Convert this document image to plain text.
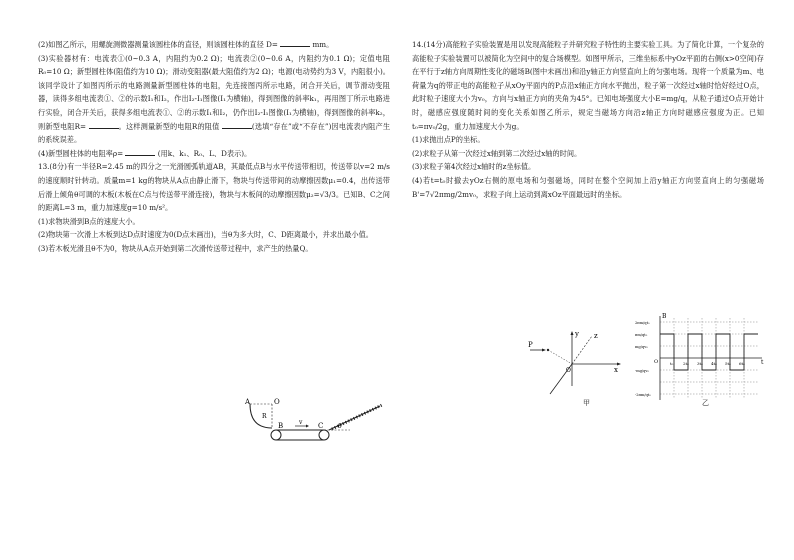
(2)如图乙所示，用螺旋测微器测量该圆柱体的直径，则该圆柱体的直径 D=	mm。

(3)实验器材有：电流表①(0~0.3 A，内阻约为0.2 Ω)；电流表②(0~0.6 A，内阻约为0.1 Ω)；定值电阻R₀=10 Ω；新型圆柱体(阻值约为10 Ω)；滑动变阻器(最大阻值约为2 Ω)；电源(电动势约为3 V，内阻很小)。该同学设计了如图丙所示的电路测量新型圆柱体的电阻，先连接图丙所示电路，闭合开关后，调节滑动变阻器，读得多组电流表①、②的示数I₁和I₂，作出I₂-I₁图像(I₁为横轴)，得到图像的斜率k₁，再用图丁所示电路进行实验，闭合开关后，获得多组电流表①、②的示数I₁和I₂，仍作出I₂-I₁图像(I₁为横轴)，得到图像的斜率k₂，则新型电阻R=	。这样测量新型的电阻R的阻值	(选填“存在”或“不存在”)因电流表内阻产生的系统误差。

(4)新型圆柱体的电阻率ρ=	(用k、k₁、R₀、L、D表示)。

13.(8分)有一半径R=2.45 m的四分之一光滑圆弧轨道AB，其最低点B与水平传送带相切，传送带以v=2 m/s的速度顺时针转动。质量m=1 kg的物块从A点由静止滑下，物块与传送带间的动摩擦因数μ₁=0.4，出传送带后滑上倾角θ可调的木板(木板在C点与传送带平滑连接)，物块与木板间的动摩擦因数μ₂=√3/3。已知B、C之间的距离L=3 m，重力加速度g=10 m/s²。

(1)求物块滑到B点的速度大小。

(2)物块第一次滑上木板到达D点时速度为0(D点未画出)，当θ为多大时，C、D距离最小，并求出最小值。

(3)若木板光滑且θ不为0，物块从A点开始到第二次滑传送带过程中，求产生的热量Q。

A	O
R
B	C
v
θ

14.(14分)高能粒子实验装置是用以发现高能粒子并研究粒子特性的主要实验工具。为了简化计算，一个复杂的高能粒子实验装置可以被简化为空间中的复合场模型。如图甲所示，三维坐标系中yOz平面的右侧(x>0空间)存在平行于z轴方向周期性变化的磁场B(图中未画出)和沿y轴正方向竖直向上的匀强电场。现将一个质量为m、电荷量为q的带正电的高能粒子从xOy平面内的P点沿x轴正方向水平抛出，粒子第一次经过x轴时恰好经过O点，此时粒子速度大小为v₀，方向与x轴正方向的夹角为45°。已知电场强度大小E=mg/q，从粒子通过O点开始计时，磁感应强度随时间的变化关系如图乙所示，规定当磁场方向沿z轴正方向时磁感应强度为正。已知t₀=πv₀/2g，重力加速度大小为g。

(1)求抛出点P的坐标。

(2)求粒子从第一次经过x轴到第二次经过x轴的时间。

(3)求粒子第4次经过x轴时的z坐标值。

(4)若t=t₀时撤去yOz右侧的原电场和匀强磁场，同时在整个空间加上沿y轴正方向竖直向上的匀强磁场B'=7√2πmg/2mv₀，求粒子向上运动到离xOz平面最远时的坐标。

P
y
x
z
O
甲
B
t
O
2πm/qt₀
πm/qt₀
mg/qv₀
-mg/qv₀
-2πm/qt₀
t₀ 2t₀ 3t₀ 4t₀ 5t₀ 6t₀
乙
